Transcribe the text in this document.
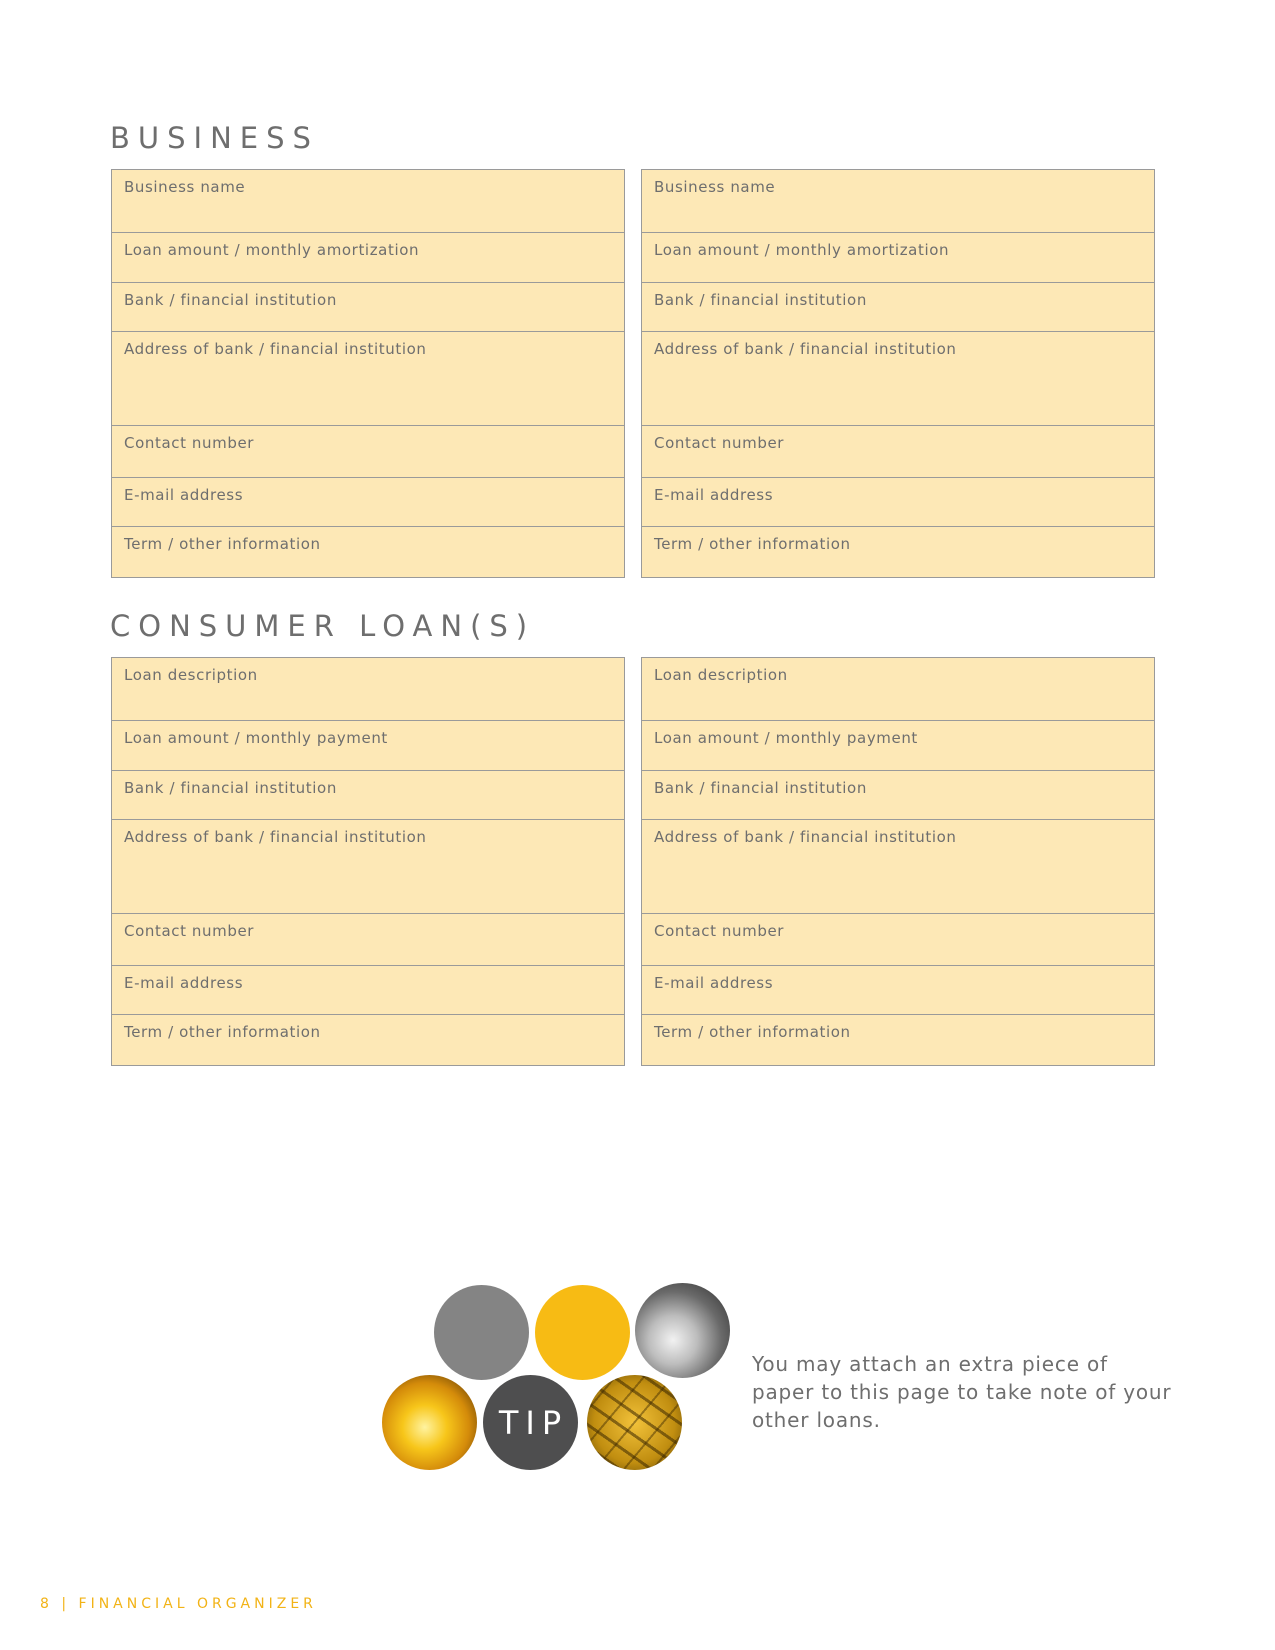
BUSINESS
Business name
Loan amount / monthly amortization
Bank / financial institution
Address of bank / financial institution
Contact number
E-mail address
Term / other information
Business name
Loan amount / monthly amortization
Bank / financial institution
Address of bank / financial institution
Contact number
E-mail address
Term / other information
CONSUMER LOAN(S)
Loan description
Loan amount / monthly payment
Bank / financial institution
Address of bank / financial institution
Contact number
E-mail address
Term / other information
Loan description
Loan amount / monthly payment
Bank / financial institution
Address of bank / financial institution
Contact number
E-mail address
Term / other information
TIP
You may attach an extra piece of paper to this page to take note of your other loans.
8 | FINANCIAL ORGANIZER
